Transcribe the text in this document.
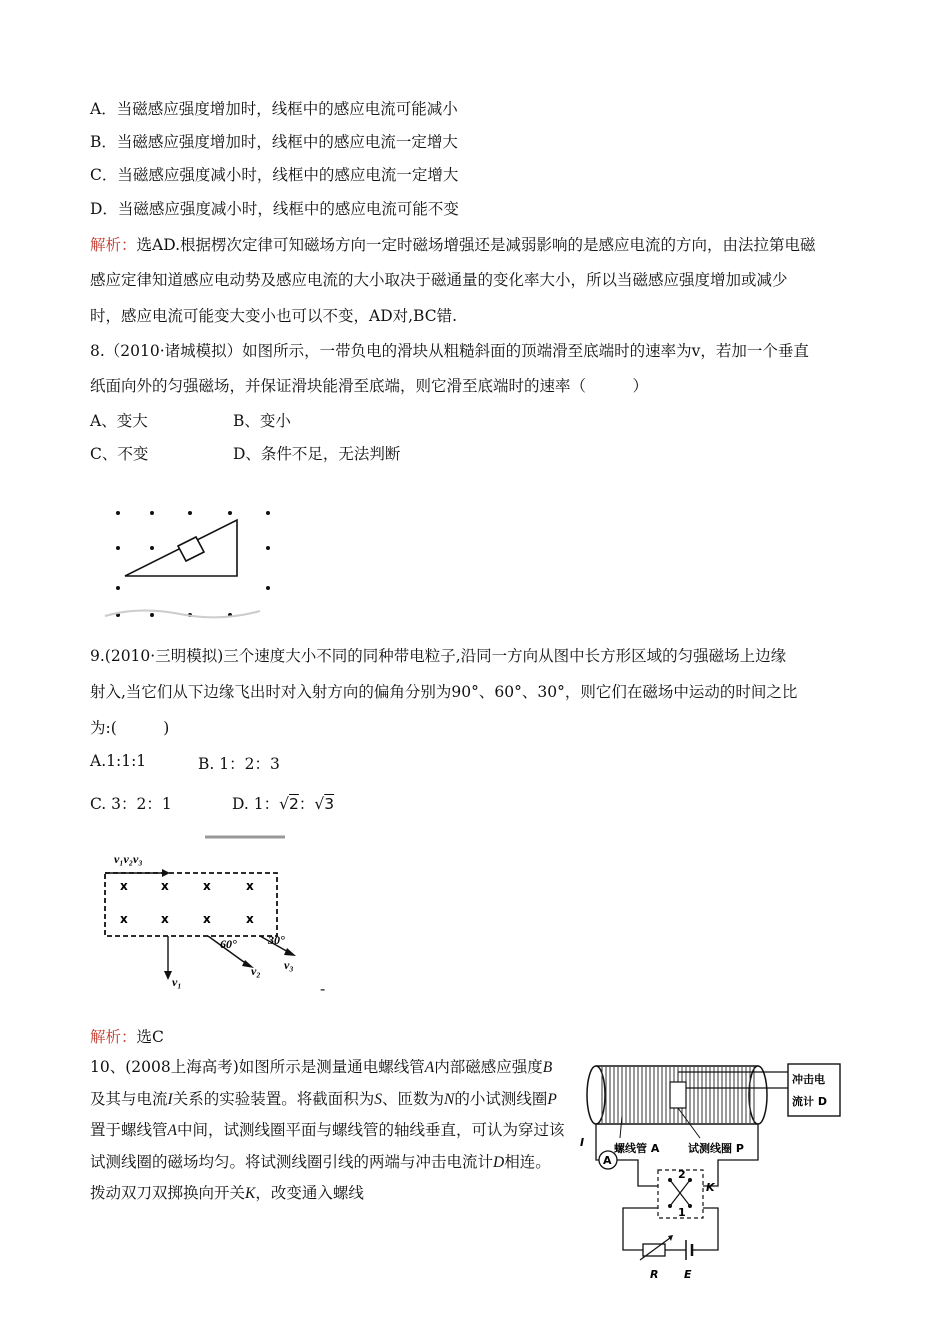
A．当磁感应强度增加时，线框中的感应电流可能减小
B．当磁感应强度增加时，线框中的感应电流一定增大
C．当磁感应强度减小时，线框中的感应电流一定增大
D．当磁感应强度减小时，线框中的感应电流可能不变
解析：选AD.根据楞次定律可知磁场方向一定时磁场增强还是减弱影响的是感应电流的方向，由法拉第电磁
感应定律知道感应电动势及感应电流的大小取决于磁通量的变化率大小，所以当磁感应强度增加或减少
时，感应电流可能变大变小也可以不变，AD对,BC错.
8.（2010·诸城模拟）如图所示，一带负电的滑块从粗糙斜面的顶端滑至底端时的速率为v，若加一个垂直
纸面向外的匀强磁场，并保证滑块能滑至底端，则它滑至底端时的速率（　　　）
A、变大	B、变小
C、不变	D、条件不足，无法判断
9.(2010·三明模拟)三个速度大小不同的同种带电粒子,沿同一方向从图中长方形区域的匀强磁场上边缘
射入,当它们从下边缘飞出时对入射方向的偏角分别为90°、60°、30°，则它们在磁场中运动的时间之比
为:(　　　)
A.1:1:1	B. 1：2：3
C. 3：2：1	D. 1：√2：√3
v₁v₂v₃
x	x	x	x
x	x	x	x
v₁
v₂ v₃
60°	30°
-
解析：选C
10、(2008上海高考)如图所示是测量通电螺线管A内部磁感应强度B及其与电流I关系的实验装置。将截面积为S、匝数为N的小试测线圈P置于螺线管A中间，试测线圈平面与螺线管的轴线垂直，可认为穿过该试测线圈的磁场均匀。将试测线圈引线的两端与冲击电流计D相连。拨动双刀双掷换向开关K，改变通入螺线
冲击电
流计 D
螺线管 A	试测线圈 P
I
A
2
1
K
R E
